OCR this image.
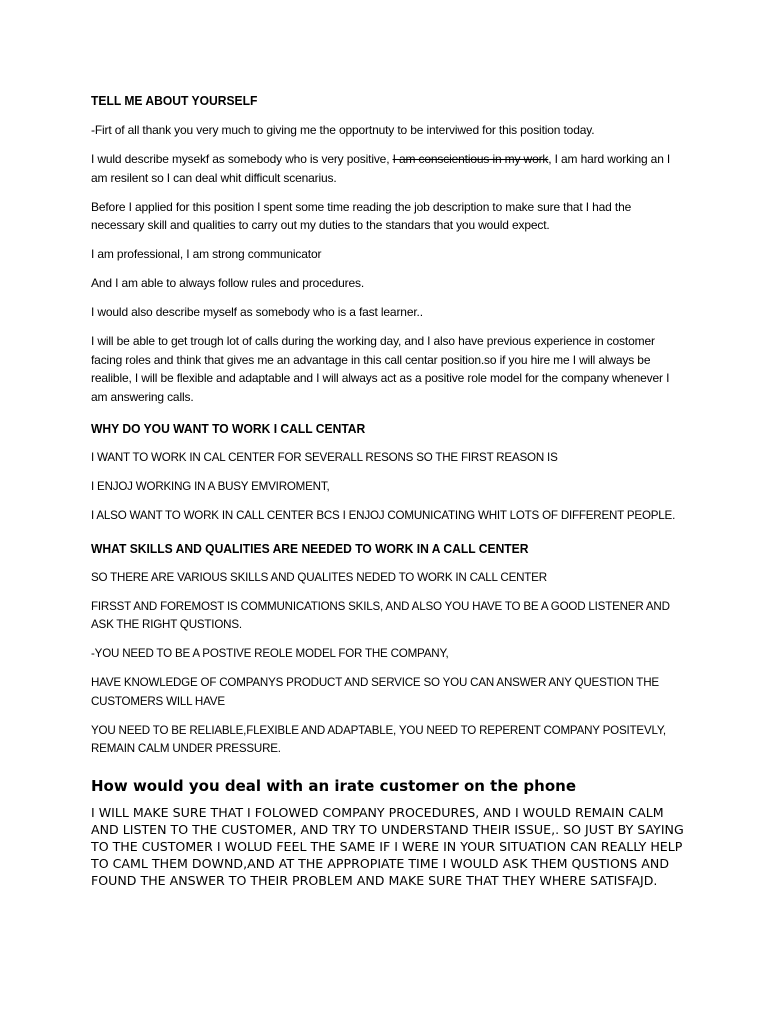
TELL ME ABOUT YOURSELF

-Firt of all thank you very much to giving me the opportnuty to be interviwed for this position today.

I wuld describe mysekf as somebody who is very positive, I am conscientious in my work, I am hard working an I am resilent so I can deal whit difficult scenarius.

Before I applied for this position I spent some time reading the job description to make sure that I had the necessary skill and qualities to carry out my duties to the standars that you would expect.

I am professional, I am strong communicator

And I am able to always follow rules and procedures.

I would also describe myself as somebody who is a fast learner..

I will be able to get trough lot of calls during the working day, and I also have previous experience in costomer facing roles and think that gives me an advantage in this call centar position.so if you hire me I will always be realible, I will be flexible and adaptable and I will always act as a positive role model for the company whenever I am answering calls.

WHY DO YOU WANT TO WORK I CALL CENTAR

I WANT TO WORK IN CAL CENTER FOR SEVERALL RESONS SO THE FIRST REASON IS

I ENJOJ WORKING IN A BUSY EMVIROMENT,

I ALSO WANT TO WORK IN CALL CENTER BCS I ENJOJ COMUNICATING WHIT LOTS OF DIFFERENT PEOPLE.

WHAT SKILLS AND QUALITIES ARE NEEDED TO WORK IN A CALL CENTER

SO THERE ARE VARIOUS SKILLS AND QUALITES NEDED TO WORK IN CALL CENTER

FIRSST AND FOREMOST IS COMMUNICATIONS SKILS, AND ALSO YOU HAVE TO BE A GOOD LISTENER AND ASK THE RIGHT QUSTIONS.

-YOU NEED TO BE A POSTIVE REOLE MODEL FOR THE COMPANY,

HAVE KNOWLEDGE OF COMPANYS PRODUCT AND SERVICE SO YOU CAN ANSWER ANY QUESTION THE CUSTOMERS WILL HAVE

YOU NEED TO BE RELIABLE,FLEXIBLE AND ADAPTABLE, YOU NEED TO REPERENT COMPANY POSITEVLY, REMAIN CALM UNDER PRESSURE.

How would you deal with an irate customer on the phone

I WILL MAKE SURE THAT I FOLOWED COMPANY PROCEDURES, AND I WOULD REMAIN CALM AND LISTEN TO THE CUSTOMER, AND TRY TO UNDERSTAND THEIR ISSUE,. SO JUST BY SAYING TO THE CUSTOMER I WOLUD FEEL THE SAME IF I WERE IN YOUR SITUATION CAN REALLY HELP TO CAML THEM DOWND,AND AT THE APPROPIATE TIME I WOULD ASK THEM QUSTIONS AND FOUND THE ANSWER TO THEIR PROBLEM AND MAKE SURE THAT THEY WHERE SATISFAJD.
